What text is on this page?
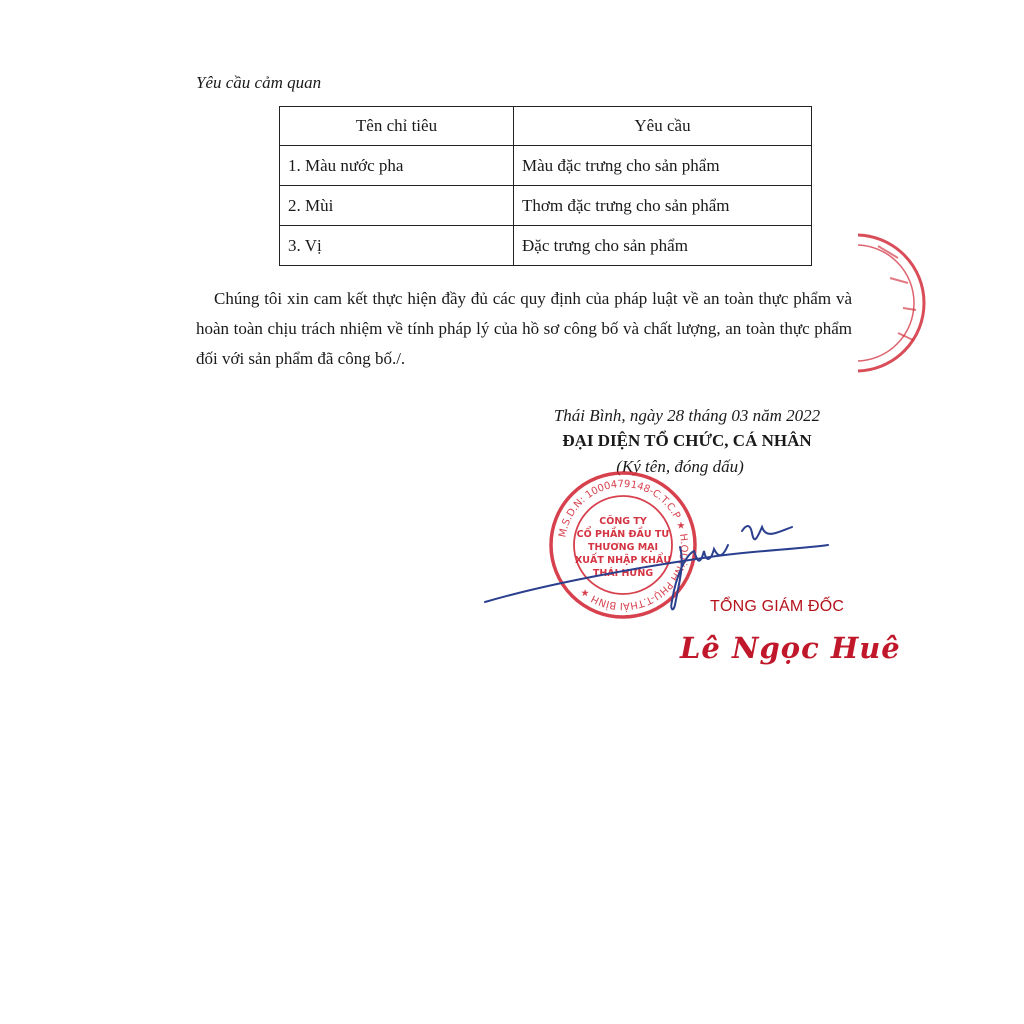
Yêu cầu cảm quan
Tên chỉ tiêu	Yêu cầu
1. Màu nước pha	Màu đặc trưng cho sản phẩm
2. Mùi	Thơm đặc trưng cho sản phẩm
3. Vị	Đặc trưng cho sản phẩm
Chúng tôi xin cam kết thực hiện đầy đủ các quy định của pháp luật về an toàn thực phẩm và hoàn toàn chịu trách nhiệm về tính pháp lý của hồ sơ công bố và chất lượng, an toàn thực phẩm đối với sản phẩm đã công bố./.
Thái Bình, ngày 28 tháng 03 năm 2022
ĐẠI DIỆN TỔ CHỨC, CÁ NHÂN
(Ký tên, đóng dấu)
M.S.D.N: 1000479148-C.T.C.P ★ H.QUỲNH PHỤ-T.THÁI BÌNH ★
CÔNG TY
CỔ PHẦN ĐẦU TƯ
THƯƠNG MẠI
XUẤT NHẬP KHẨU
THÁI HƯNG
TỔNG GIÁM ĐỐC
Lê Ngọc Huê
